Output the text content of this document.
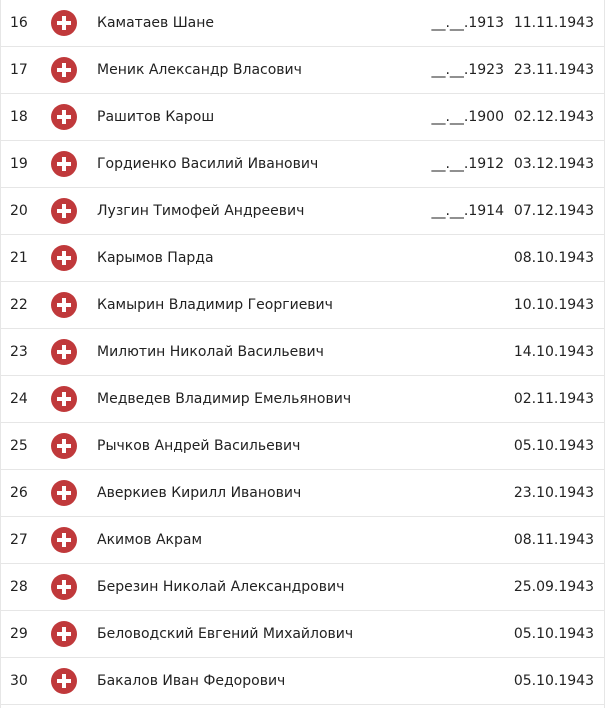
16	Каматаев Шане	__.__.1913 11.11.1943
17	Меник Александр Власович	__.__.1923 23.11.1943
18	Рашитов Карош	__.__.1900 02.12.1943
19	Гордиенко Василий Иванович	__.__.1912 03.12.1943
20	Лузгин Тимофей Андреевич	__.__.1914 07.12.1943
21	Карымов Парда	08.10.1943
22	Камырин Владимир Георгиевич	10.10.1943
23	Милютин Николай Васильевич	14.10.1943
24	Медведев Владимир Емельянович	02.11.1943
25	Рычков Андрей Васильевич	05.10.1943
26	Аверкиев Кирилл Иванович	23.10.1943
27	Акимов Акрам	08.11.1943
28	Березин Николай Александрович	25.09.1943
29	Беловодский Евгений Михайлович	05.10.1943
30	Бакалов Иван Федорович	05.10.1943
